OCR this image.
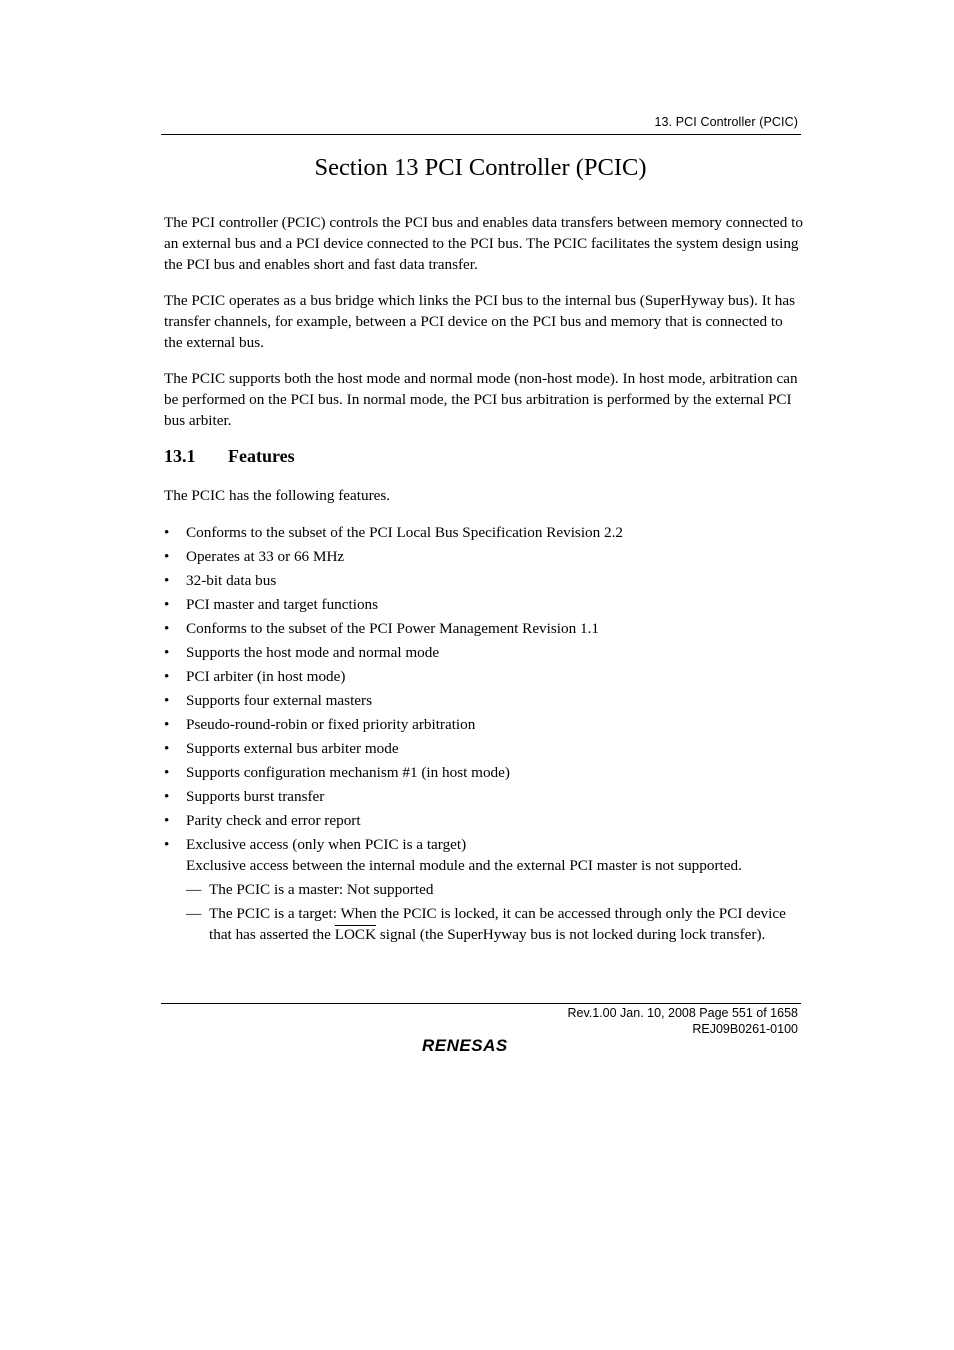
13. PCI Controller (PCIC)
Section 13 PCI Controller (PCIC)

The PCI controller (PCIC) controls the PCI bus and enables data transfers between memory connected to an external bus and a PCI device connected to the PCI bus. The PCIC facilitates the system design using the PCI bus and enables short and fast data transfer.

The PCIC operates as a bus bridge which links the PCI bus to the internal bus (SuperHyway bus). It has transfer channels, for example, between a PCI device on the PCI bus and memory that is connected to the external bus.

The PCIC supports both the host mode and normal mode (non-host mode). In host mode, arbitration can be performed on the PCI bus. In normal mode, the PCI bus arbitration is performed by the external PCI bus arbiter.

13.1 Features

The PCIC has the following features.

•	Conforms to the subset of the PCI Local Bus Specification Revision 2.2
•	Operates at 33 or 66 MHz
•	32-bit data bus
•	PCI master and target functions
•	Conforms to the subset of the PCI Power Management Revision 1.1
•	Supports the host mode and normal mode
•	PCI arbiter (in host mode)
•	Supports four external masters
•	Pseudo-round-robin or fixed priority arbitration
•	Supports external bus arbiter mode
•	Supports configuration mechanism #1 (in host mode)
•	Supports burst transfer
•	Parity check and error report
•	Exclusive access (only when PCIC is a target)

Exclusive access between the internal module and the external PCI master is not supported.

— The PCIC is a master: Not supported
— The PCIC is a target: When the PCIC is locked, it can be accessed through only the PCI device that has asserted the LOCK signal (the SuperHyway bus is not locked during lock transfer).
Rev.1.00 Jan. 10, 2008 Page 551 of 1658
REJ09B0261-0100
RENESAS
